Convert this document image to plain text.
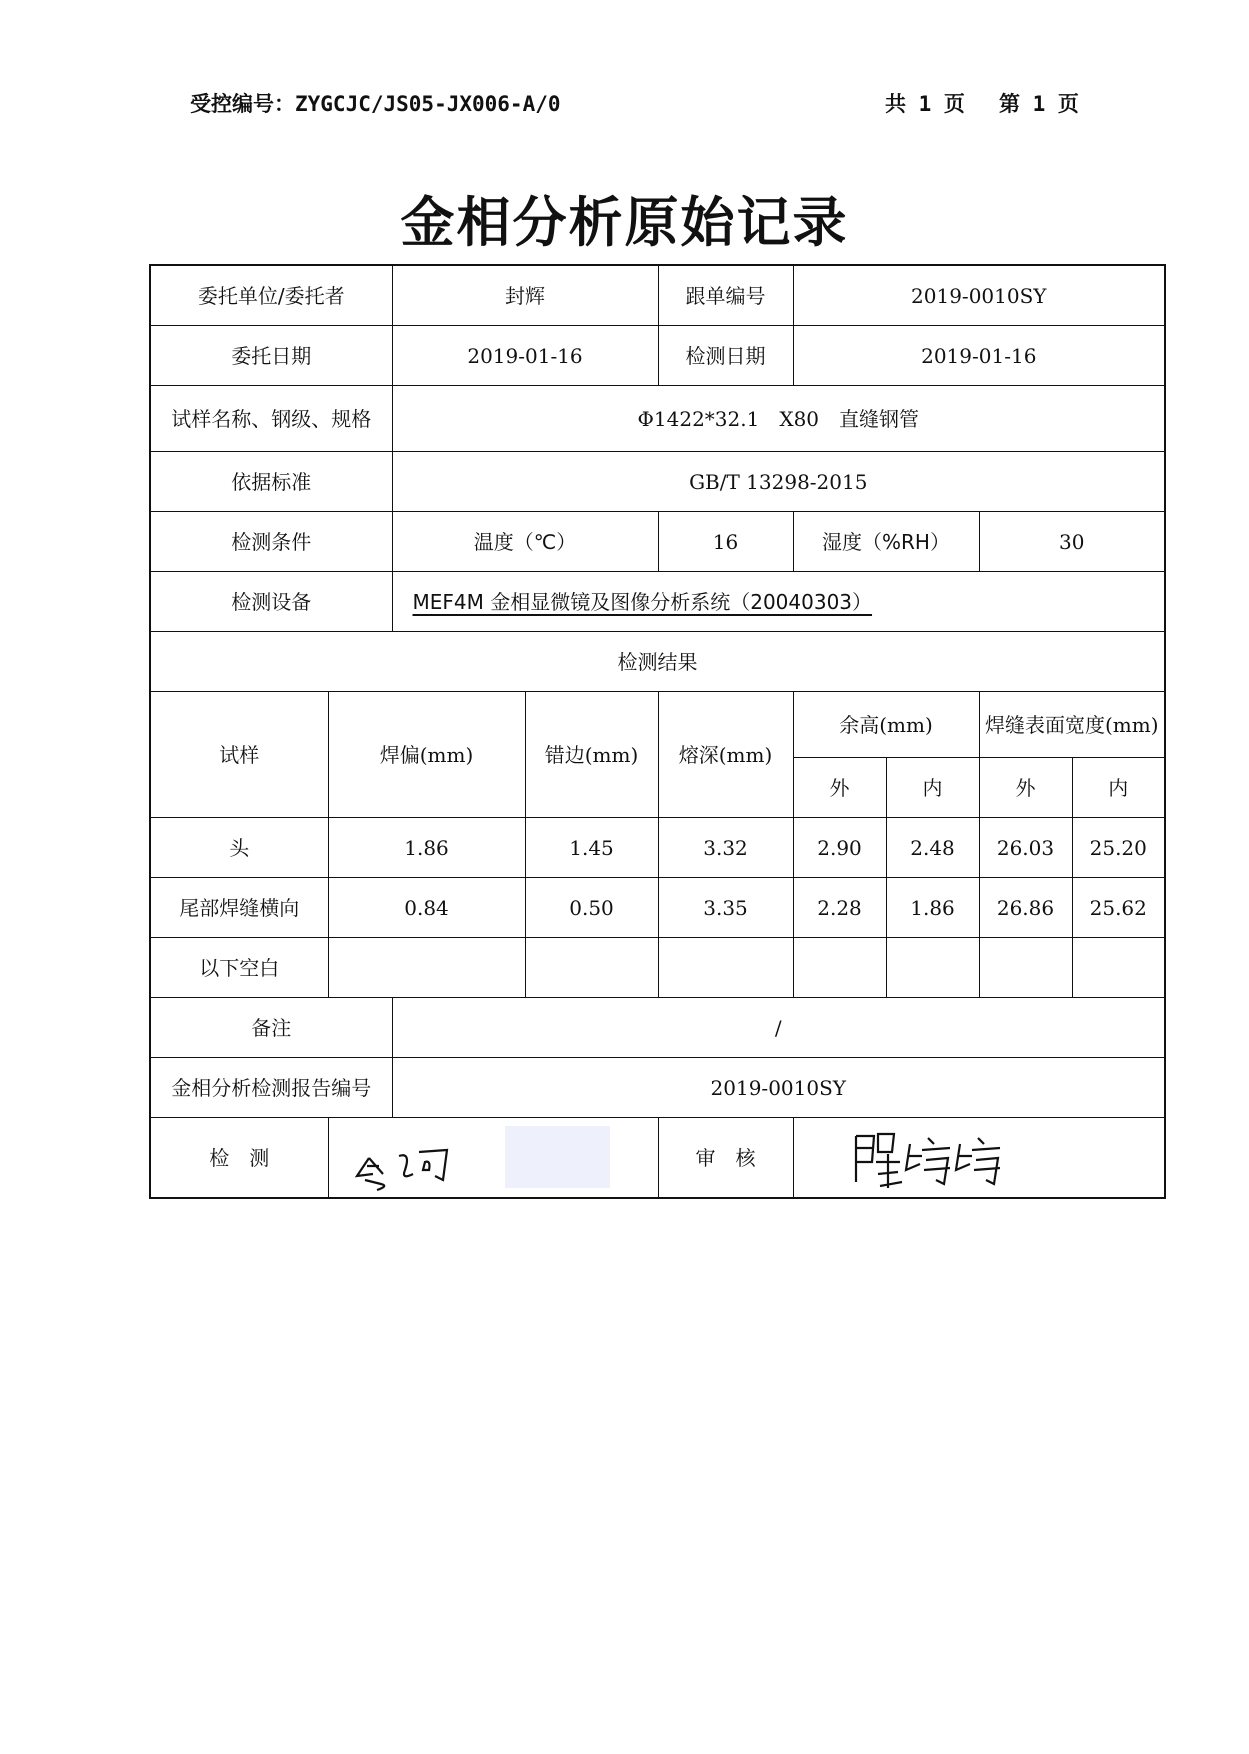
受控编号：ZYGCJC/JS05-JX006-A/0	共 1 页 第 1 页
金相分析原始记录
委托单位/委托者		封辉		跟单编号	2019-0010SY			
委托日期		2019-01-16		检测日期	2019-01-16			
试样名称、钢级、规格		Φ1422*32.1　X80　直缝钢管						
依据标准		GB/T 13298-2015						
检测条件		温度（℃）		16	湿度（%RH）		30	
检测设备		MEF4M 金相显微镜及图像分析系统（20040303）						
检测结果								
试样	焊偏(mm)		错边(mm)	熔深(mm)	余高(mm)		焊缝表面宽度(mm)	
					外	内	外	内
头	1.86		1.45	3.32	2.90	2.48	26.03	25.20
尾部焊缝横向	0.84		0.50	3.35	2.28	1.86	26.86	25.62
以下空白								
备注		/						
金相分析检测报告编号		2019-0010SY						
检　测				审　核	
